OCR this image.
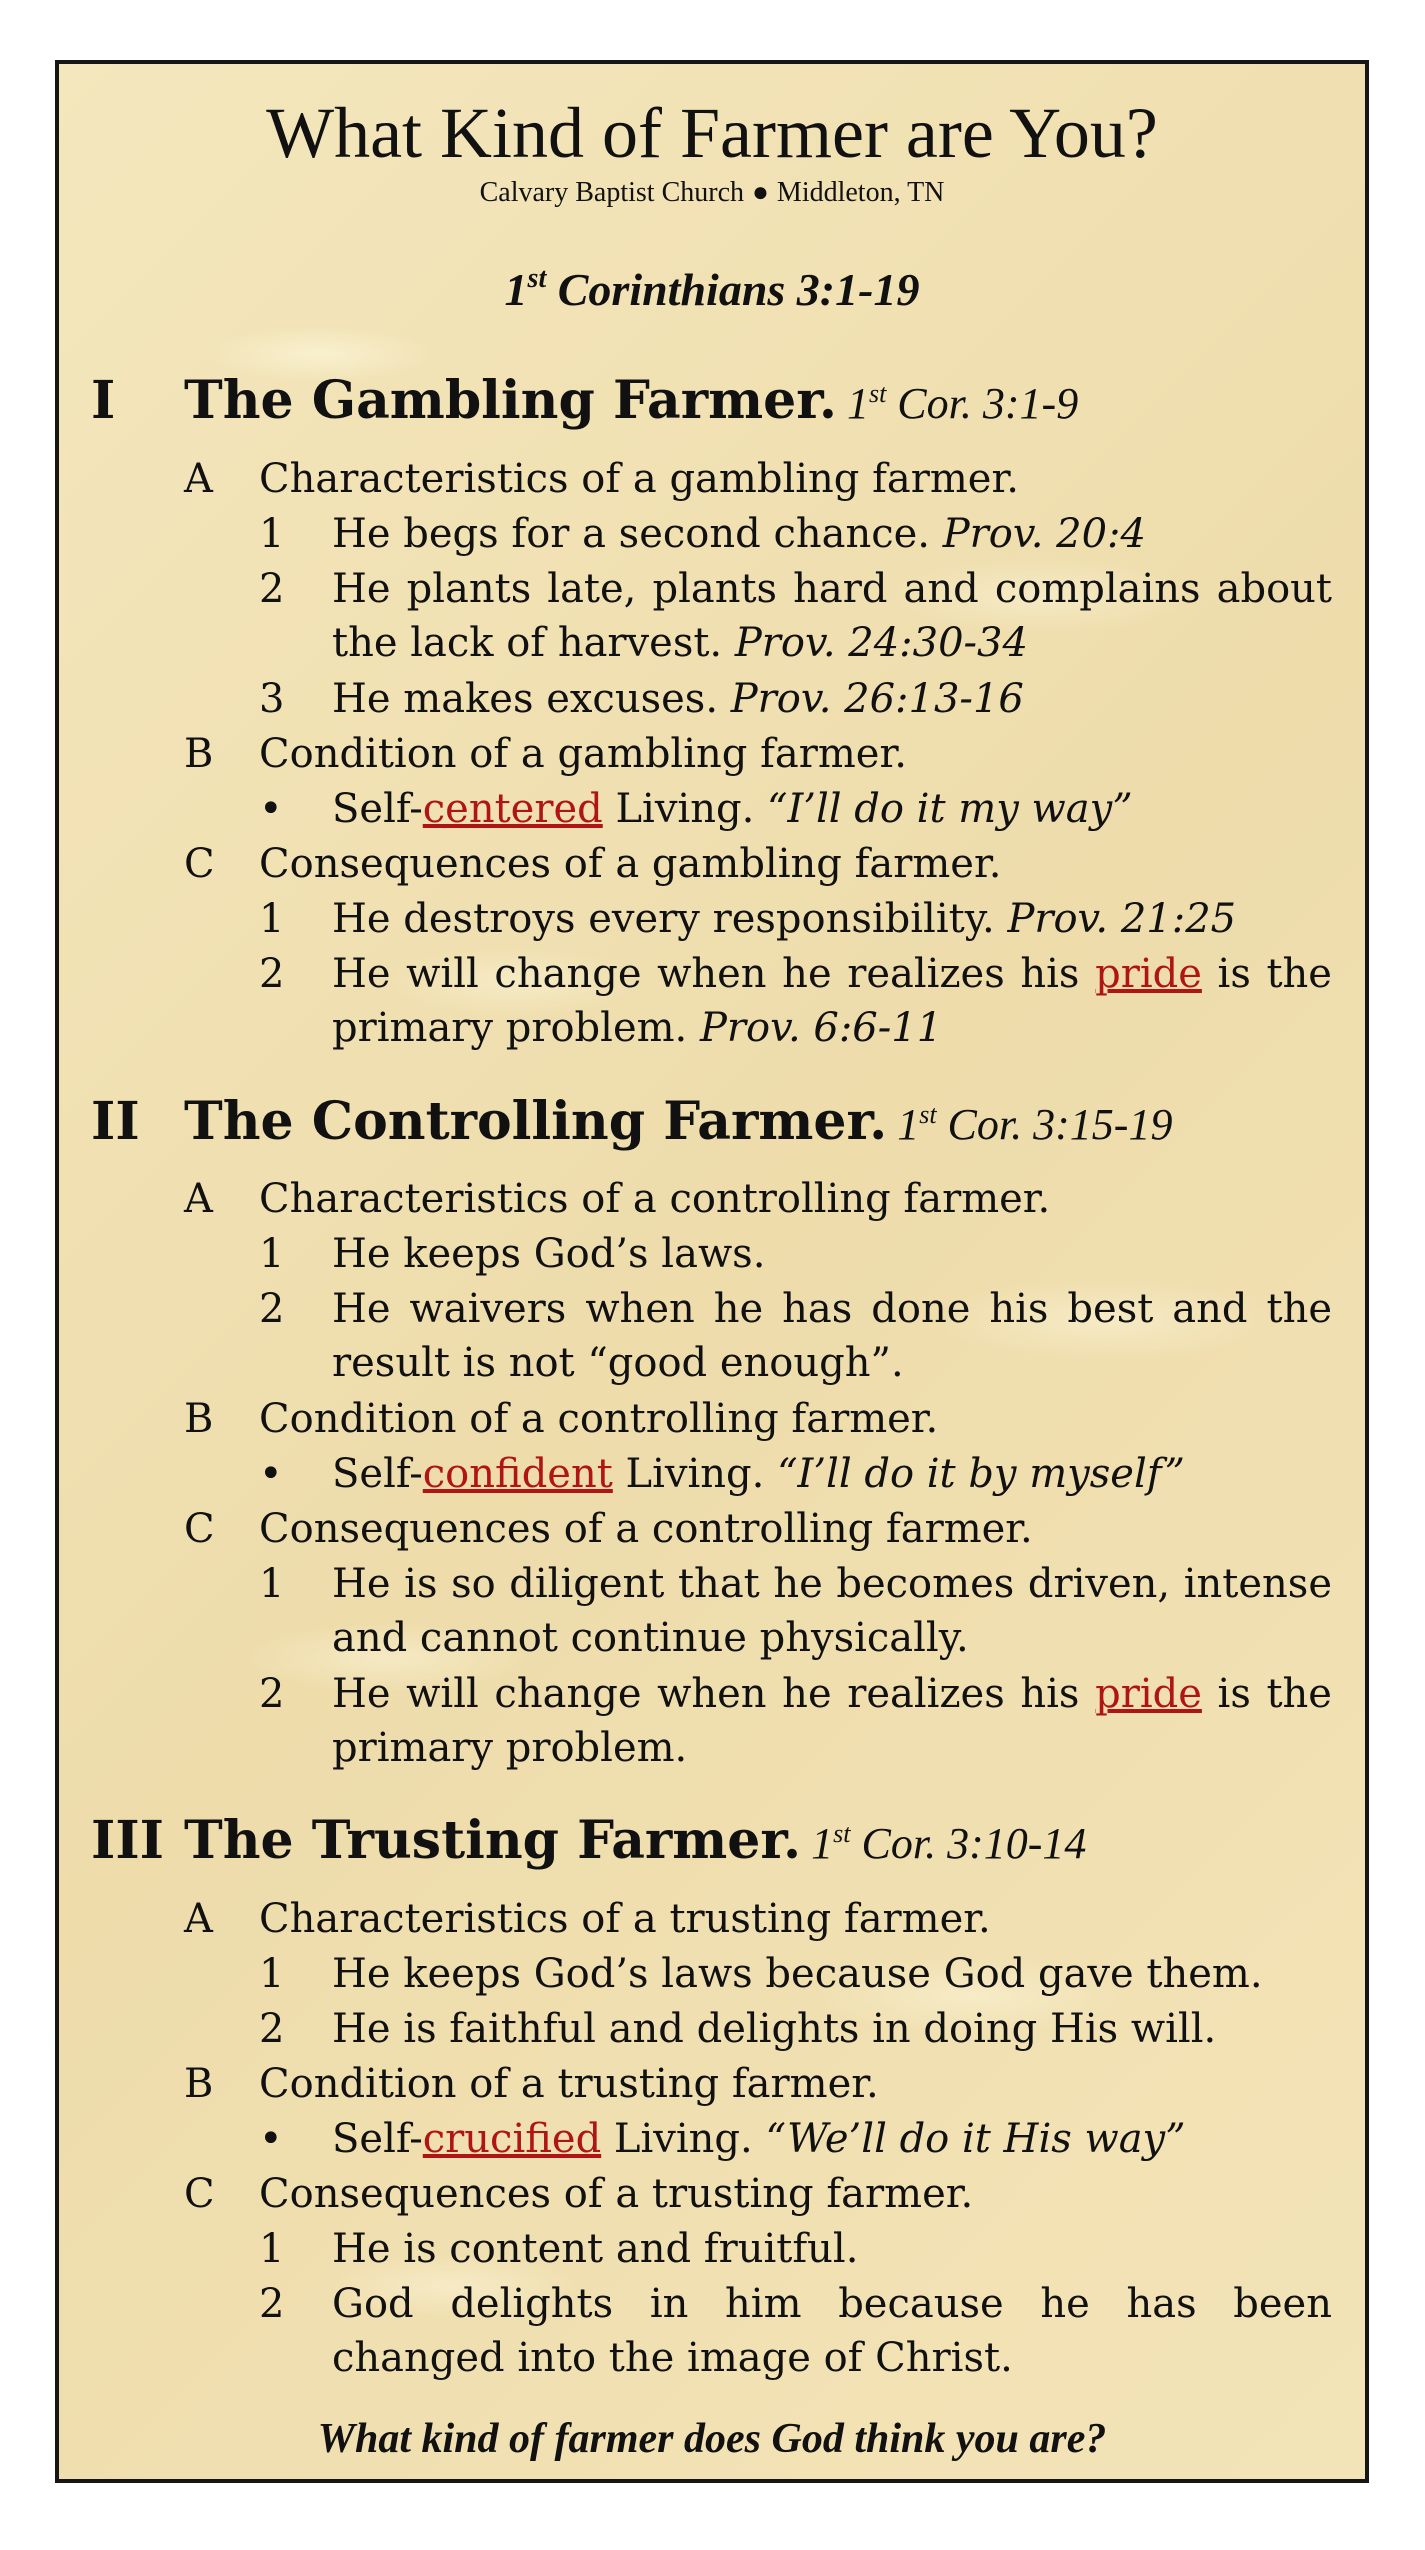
What Kind of Farmer are You?
Calvary Baptist Church ● Middleton, TN
1st Corinthians 3:1-19
I The Gambling Farmer. 1st Cor. 3:1-9
A Characteristics of a gambling farmer.
1 He begs for a second chance. Prov. 20:4
2 He plants late, plants hard and complains about the lack of harvest. Prov. 24:30-34
3 He makes excuses. Prov. 26:13-16
B Condition of a gambling farmer.
• Self-centered Living. “I’ll do it my way”
C Consequences of a gambling farmer.
1 He destroys every responsibility. Prov. 21:25
2 He will change when he realizes his pride is the primary problem. Prov. 6:6-11
II The Controlling Farmer. 1st Cor. 3:15-19
A Characteristics of a controlling farmer.
1 He keeps God’s laws.
2 He waivers when he has done his best and the result is not “good enough”.
B Condition of a controlling farmer.
• Self-confident Living. “I’ll do it by myself”
C Consequences of a controlling farmer.
1 He is so diligent that he becomes driven, intense and cannot continue physically.
2 He will change when he realizes his pride is the primary problem.
III The Trusting Farmer. 1st Cor. 3:10-14
A Characteristics of a trusting farmer.
1 He keeps God’s laws because God gave them.
2 He is faithful and delights in doing His will.
B Condition of a trusting farmer.
• Self-crucified Living. “We’ll do it His way”
C Consequences of a trusting farmer.
1 He is content and fruitful.
2 God delights in him because he has been changed into the image of Christ.
What kind of farmer does God think you are?
